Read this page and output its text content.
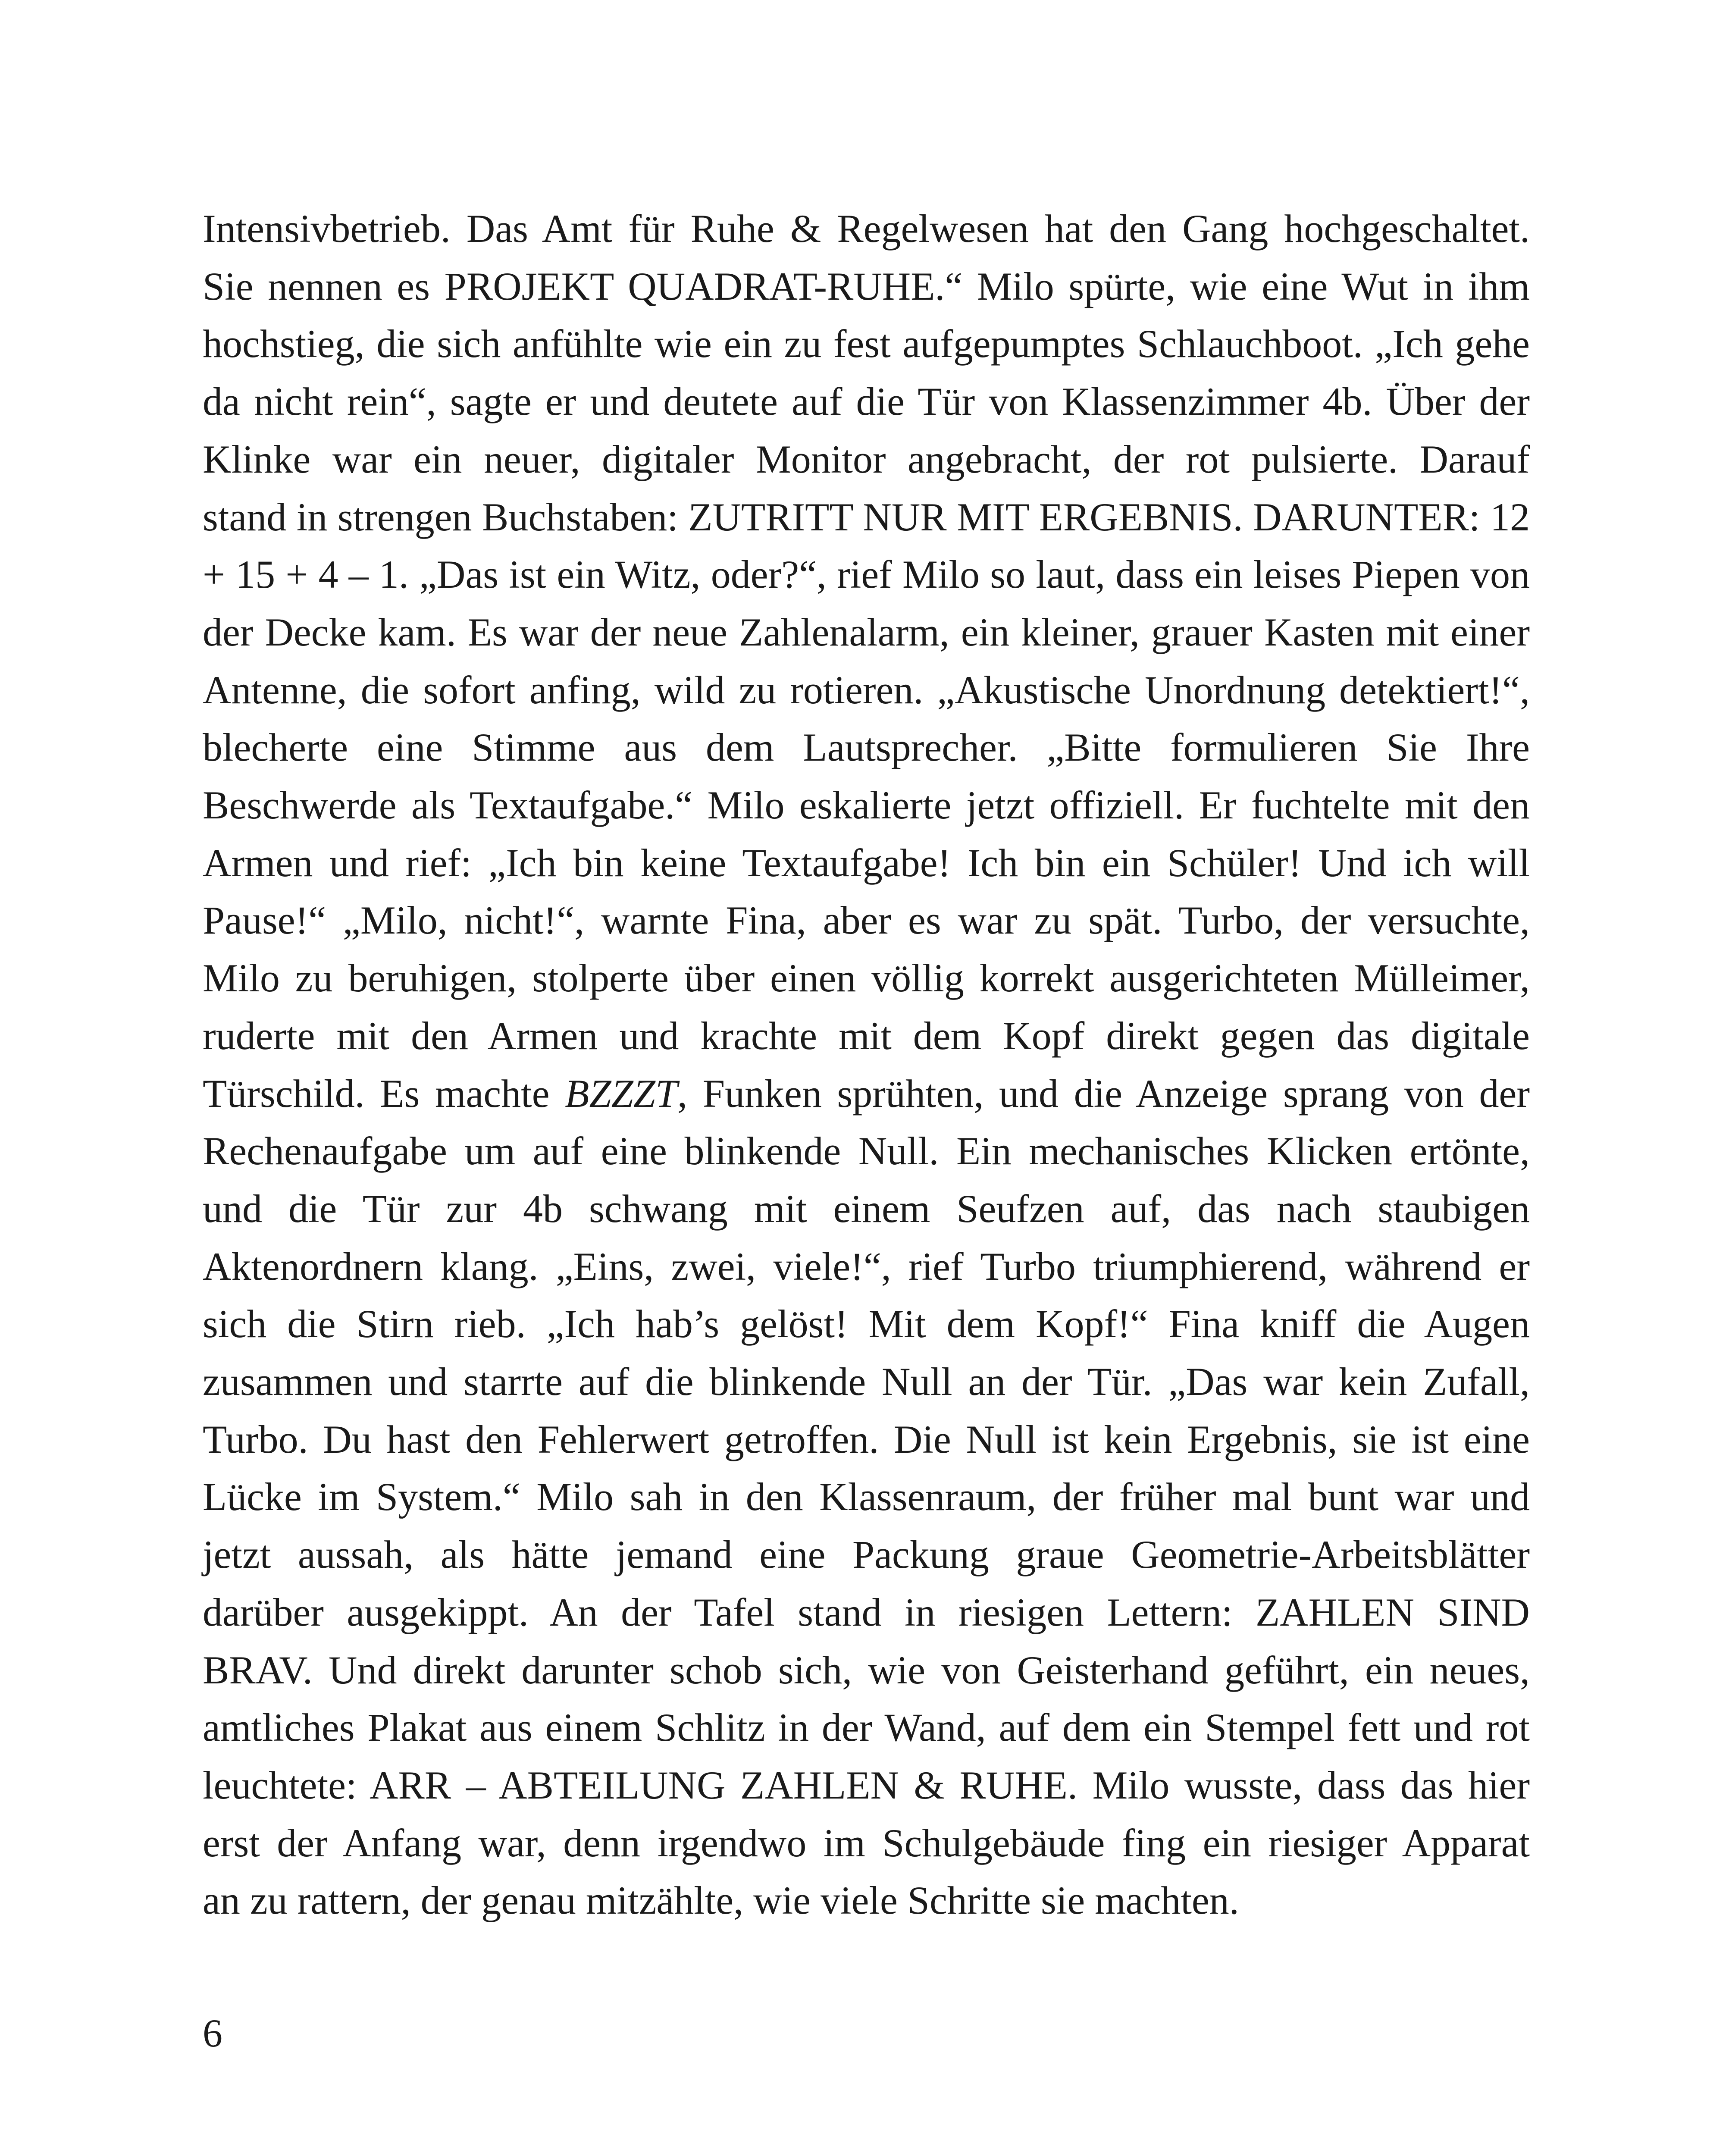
Intensivbetrieb. Das Amt für Ruhe & Regelwesen hat den Gang hochgeschaltet.
Sie nennen es PROJEKT QUADRAT-RUHE.“ Milo spürte, wie eine Wut in ihm
hochstieg, die sich anfühlte wie ein zu fest aufgepumptes Schlauchboot. „Ich gehe
da nicht rein“, sagte er und deutete auf die Tür von Klassenzimmer 4b. Über der
Klinke war ein neuer, digitaler Monitor angebracht, der rot pulsierte. Darauf
stand in strengen Buchstaben: ZUTRITT NUR MIT ERGEBNIS. DARUNTER: 12
+ 15 + 4 – 1. „Das ist ein Witz, oder?“, rief Milo so laut, dass ein leises Piepen von
der Decke kam. Es war der neue Zahlenalarm, ein kleiner, grauer Kasten mit einer
Antenne, die sofort anfing, wild zu rotieren. „Akustische Unordnung detektiert!“,
blecherte eine Stimme aus dem Lautsprecher. „Bitte formulieren Sie Ihre
Beschwerde als Textaufgabe.“ Milo eskalierte jetzt offiziell. Er fuchtelte mit den
Armen und rief: „Ich bin keine Textaufgabe! Ich bin ein Schüler! Und ich will
Pause!“ „Milo, nicht!“, warnte Fina, aber es war zu spät. Turbo, der versuchte,
Milo zu beruhigen, stolperte über einen völlig korrekt ausgerichteten Mülleimer,
ruderte mit den Armen und krachte mit dem Kopf direkt gegen das digitale
Türschild. Es machte BZZZT, Funken sprühten, und die Anzeige sprang von der
Rechenaufgabe um auf eine blinkende Null. Ein mechanisches Klicken ertönte,
und die Tür zur 4b schwang mit einem Seufzen auf, das nach staubigen
Aktenordnern klang. „Eins, zwei, viele!“, rief Turbo triumphierend, während er
sich die Stirn rieb. „Ich hab’s gelöst! Mit dem Kopf!“ Fina kniff die Augen
zusammen und starrte auf die blinkende Null an der Tür. „Das war kein Zufall,
Turbo. Du hast den Fehlerwert getroffen. Die Null ist kein Ergebnis, sie ist eine
Lücke im System.“ Milo sah in den Klassenraum, der früher mal bunt war und
jetzt aussah, als hätte jemand eine Packung graue Geometrie-Arbeitsblätter
darüber ausgekippt. An der Tafel stand in riesigen Lettern: ZAHLEN SIND
BRAV. Und direkt darunter schob sich, wie von Geisterhand geführt, ein neues,
amtliches Plakat aus einem Schlitz in der Wand, auf dem ein Stempel fett und rot
leuchtete: ARR – ABTEILUNG ZAHLEN & RUHE. Milo wusste, dass das hier
erst der Anfang war, denn irgendwo im Schulgebäude fing ein riesiger Apparat
an zu rattern, der genau mitzählte, wie viele Schritte sie machten.

6
